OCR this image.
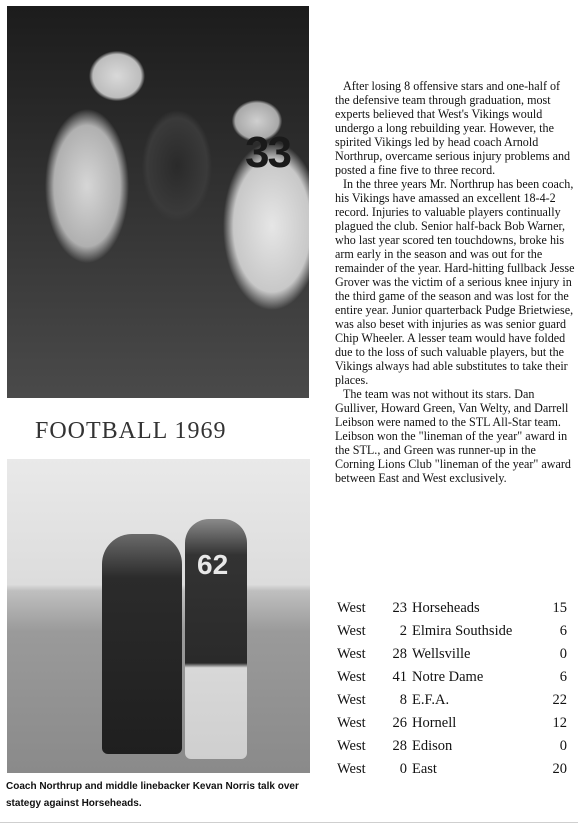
33
FOOTBALL 1969
62
Coach Northrup and middle linebacker Kevan Norris talk over stategy against Horseheads.

After losing 8 offensive stars and one-half of the defensive team through graduation, most experts believed that West's Vikings would undergo a long rebuilding year. However, the spirited Vikings led by head coach Arnold Northrup, overcame serious injury problems and posted a fine five to three record.

In the three years Mr. Northrup has been coach, his Vikings have amassed an excellent 18-4-2 record. Injuries to valuable players continually plagued the club. Senior half-back Bob Warner, who last year scored ten touchdowns, broke his arm early in the season and was out for the remainder of the year. Hard-hitting fullback Jesse Grover was the victim of a serious knee injury in the third game of the season and was lost for the entire year. Junior quarterback Pudge Brietwiese, was also beset with injuries as was senior guard Chip Wheeler. A lesser team would have folded due to the loss of such valuable players, but the Vikings always had able substitutes to take their places.

The team was not without its stars. Dan Gulliver, Howard Green, Van Welty, and Darrell Leibson were named to the STL All-Star team. Leibson won the "lineman of the year" award in the STL., and Green was runner-up in the Corning Lions Club "lineman of the year" award between East and West exclusively.

West	23	Horseheads	15
West	2	Elmira Southside	6
West	28	Wellsville	0
West	41	Notre Dame	6
West	8	E.F.A.	22
West	26	Hornell	12
West	28	Edison	0
West	0	East	20
